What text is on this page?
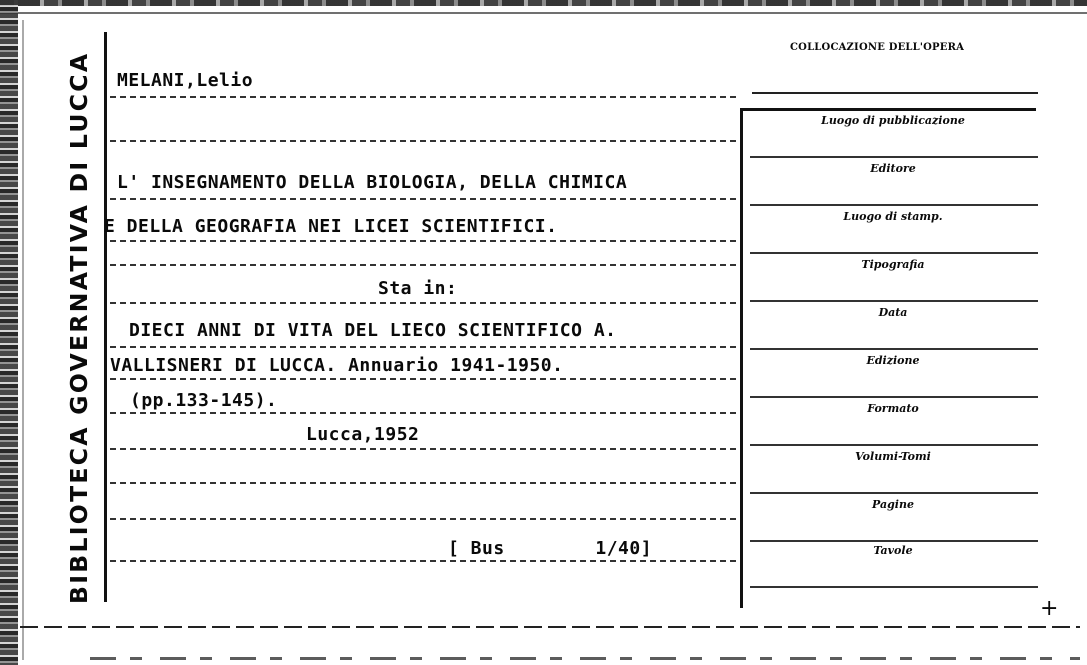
BIBLIOTECA GOVERNATIVA DI LUCCA MELANI,Lelio
L' INSEGNAMENTO DELLA BIOLOGIA, DELLA CHIMICA
E DELLA GEOGRAFIA NEI LICEI SCIENTIFICI.
Sta in:
DIECI ANNI DI VITA DEL LIECO SCIENTIFICO A.
VALLISNERI DI LUCCA. Annuario 1941-1950.
(pp.133-145).
Lucca,1952
[ Bus        1/40]
COLLOCAZIONE DELL'OPERA
Luogo di pubblicazione
Editore
Luogo di stamp.
Tipografia
Data
Edizione
Formato
Volumi-Tomi
Pagine
Tavole
+
